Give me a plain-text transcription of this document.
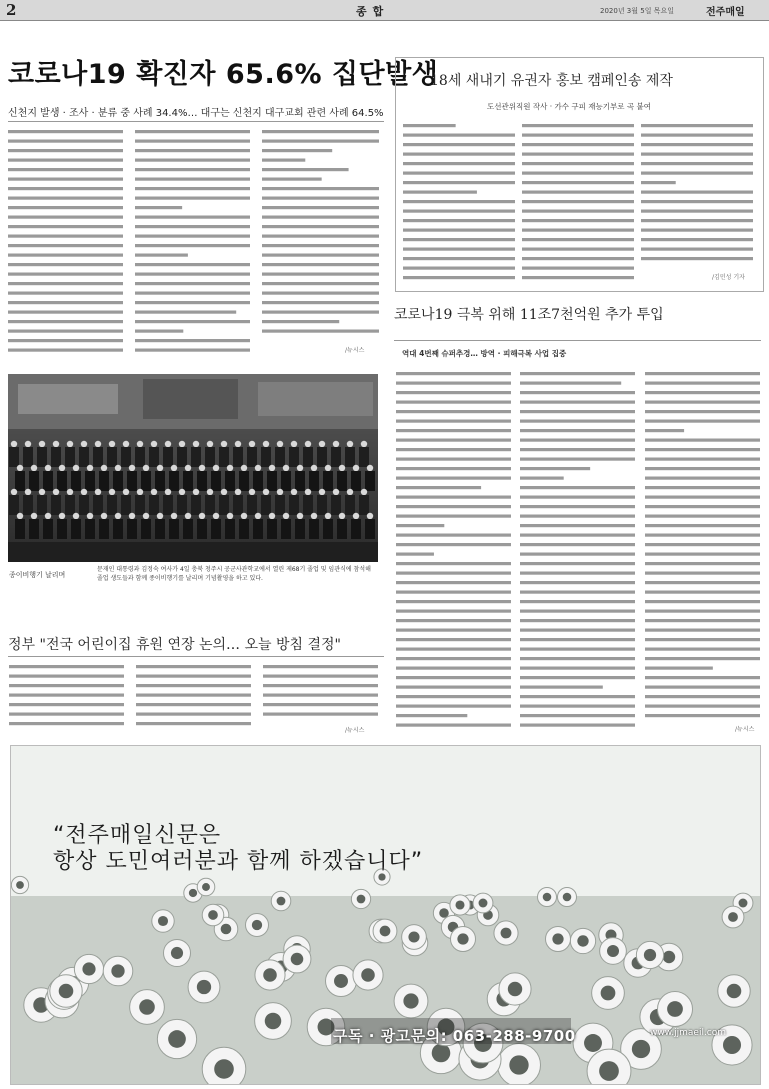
2	종합	2020년 3월 5일 목요일	전주매일
코로나19 확진자 65.6% 집단발생
신천지 발생 · 조사 · 분류 중 사례 34.4%… 대구는 신천지 대구교회 관련 사례 64.5%
/뉴시스
18세 새내기 유권자 홍보 캠페인송 제작
도선관위직원 작사 · 가수 구피 재능기부로 곡 붙여
/김민성 기자
코로나19 극복 위해 11조7천억원 추가 투입
역대 4번째 슈퍼추경… 방역 · 피해극복 사업 집중
/뉴시스
종이비행기 날리며
문재인 대통령과 김정숙 여사가 4일 충북 청주시 공군사관학교에서 열린 제68기 졸업 및 임관식에 참석해 졸업 생도들과 함께 종이비행기를 날리며 기념촬영을 하고 있다.
정부 "전국 어린이집 휴원 연장 논의… 오늘 방침 결정"
/뉴시스
“전주매일신문은
항상 도민여러분과 함께 하겠습니다”
구독 · 광고문의: 063-288-9700	www.jjmaeil.com
